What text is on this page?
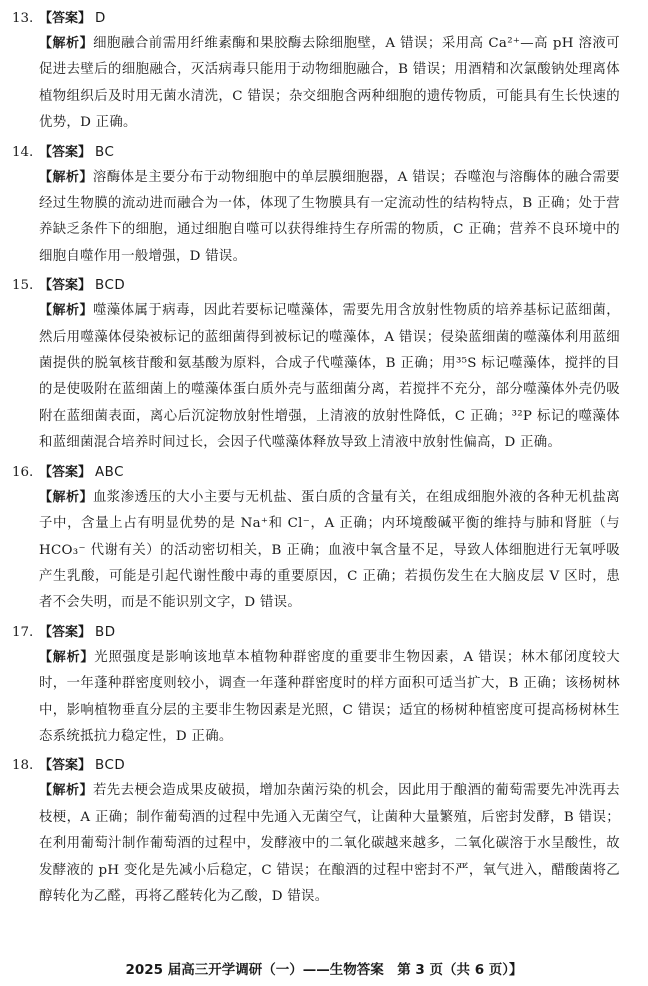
13. 【答案】 D
【解析】细胞融合前需用纤维素酶和果胶酶去除细胞壁，A 错误；采用高 Ca²⁺—高 pH 溶液可促进去壁后的细胞融合，灭活病毒只能用于动物细胞融合，B 错误；用酒精和次氯酸钠处理离体植物组织后及时用无菌水清洗，C 错误；杂交细胞含两种细胞的遗传物质，可能具有生长快速的优势，D 正确。
14. 【答案】 BC
【解析】溶酶体是主要分布于动物细胞中的单层膜细胞器，A 错误；吞噬泡与溶酶体的融合需要经过生物膜的流动进而融合为一体，体现了生物膜具有一定流动性的结构特点，B 正确；处于营养缺乏条件下的细胞，通过细胞自噬可以获得维持生存所需的物质，C 正确；营养不良环境中的细胞自噬作用一般增强，D 错误。
15. 【答案】 BCD
【解析】噬藻体属于病毒，因此若要标记噬藻体，需要先用含放射性物质的培养基标记蓝细菌，然后用噬藻体侵染被标记的蓝细菌得到被标记的噬藻体，A 错误；侵染蓝细菌的噬藻体利用蓝细菌提供的脱氧核苷酸和氨基酸为原料，合成子代噬藻体，B 正确；用³⁵S 标记噬藻体，搅拌的目的是使吸附在蓝细菌上的噬藻体蛋白质外壳与蓝细菌分离，若搅拌不充分，部分噬藻体外壳仍吸附在蓝细菌表面，离心后沉淀物放射性增强，上清液的放射性降低，C 正确；³²P 标记的噬藻体和蓝细菌混合培养时间过长，会因子代噬藻体释放导致上清液中放射性偏高，D 正确。
16. 【答案】 ABC
【解析】血浆渗透压的大小主要与无机盐、蛋白质的含量有关，在组成细胞外液的各种无机盐离子中，含量上占有明显优势的是 Na⁺和 Cl⁻，A 正确；内环境酸碱平衡的维持与肺和肾脏（与 HCO₃⁻ 代谢有关）的活动密切相关，B 正确；血液中氧含量不足，导致人体细胞进行无氧呼吸产生乳酸，可能是引起代谢性酸中毒的重要原因，C 正确；若损伤发生在大脑皮层 V 区时，患者不会失明，而是不能识别文字，D 错误。
17. 【答案】 BD
【解析】光照强度是影响该地草本植物种群密度的重要非生物因素，A 错误；林木郁闭度较大时，一年蓬种群密度则较小，调查一年蓬种群密度时的样方面积可适当扩大，B 正确；该杨树林中，影响植物垂直分层的主要非生物因素是光照，C 错误；适宜的杨树种植密度可提高杨树林生态系统抵抗力稳定性，D 正确。
18. 【答案】 BCD
【解析】若先去梗会造成果皮破损，增加杂菌污染的机会，因此用于酿酒的葡萄需要先冲洗再去枝梗，A 正确；制作葡萄酒的过程中先通入无菌空气，让菌种大量繁殖，后密封发酵，B 错误；在利用葡萄汁制作葡萄酒的过程中，发酵液中的二氧化碳越来越多，二氧化碳溶于水呈酸性，故发酵液的 pH 变化是先减小后稳定，C 错误；在酿酒的过程中密封不严，氧气进入，醋酸菌将乙醇转化为乙醛，再将乙醛转化为乙酸，D 错误。
2025 届高三开学调研（一）——生物答案　第 3 页（共 6 页）】
